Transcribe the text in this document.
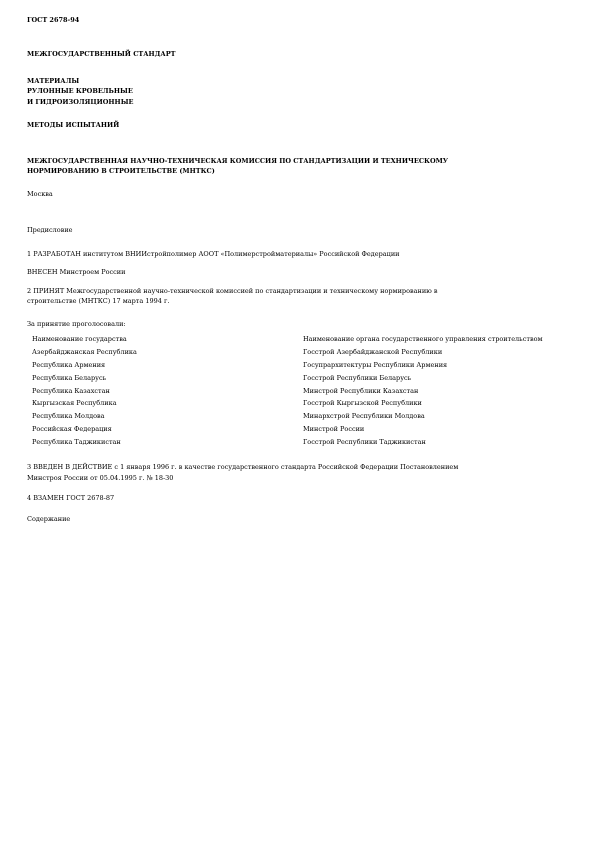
ГОСТ 2678-94
МЕЖГОСУДАРСТВЕННЫЙ СТАНДАРТ
МАТЕРИАЛЫ
РУЛОННЫЕ КРОВЕЛЬНЫЕ
И ГИДРОИЗОЛЯЦИОННЫЕ
МЕТОДЫ ИСПЫТАНИЙ
МЕЖГОСУДАРСТВЕННАЯ НАУЧНО-ТЕХНИЧЕСКАЯ КОМИССИЯ ПО СТАНДАРТИЗАЦИИ И ТЕХНИЧЕСКОМУ
НОРМИРОВАНИЮ В СТРОИТЕЛЬСТВЕ (МНТКС)
Москва
Предисловие
1 РАЗРАБОТАН институтом ВНИИстройполимер АООТ «Полимерстройматериалы» Российской Федерации
ВНЕСЕН Минстроем России
2 ПРИНЯТ Межгосударственной научно-технической комиссией по стандартизации и техническому нормированию в
строительстве (МНТКС) 17 марта 1994 г.
За принятие проголосовали:
Наименование государства	Наименование органа государственного управления строительством
Азербайджанская Республика	Госстрой Азербайджанской Республики
Республика Армения	Госупрархитектуры Республики Армения
Республика Беларусь	Госстрой Республики Беларусь
Республика Казахстан	Минстрой Республики Казахстан
Кыргызская Республика	Госстрой Кыргызской Республики
Республика Молдова	Минархстрой Республики Молдова
Российская Федерация	Минстрой России
Республика Таджикистан	Госстрой Республики Таджикистан
3 ВВЕДЕН В ДЕЙСТВИЕ с 1 января 1996 г. в качестве государственного стандарта Российской Федерации Постановлением
Минстроя России от 05.04.1995 г. № 18-30
4 ВЗАМЕН ГОСТ 2678-87
Содержание
